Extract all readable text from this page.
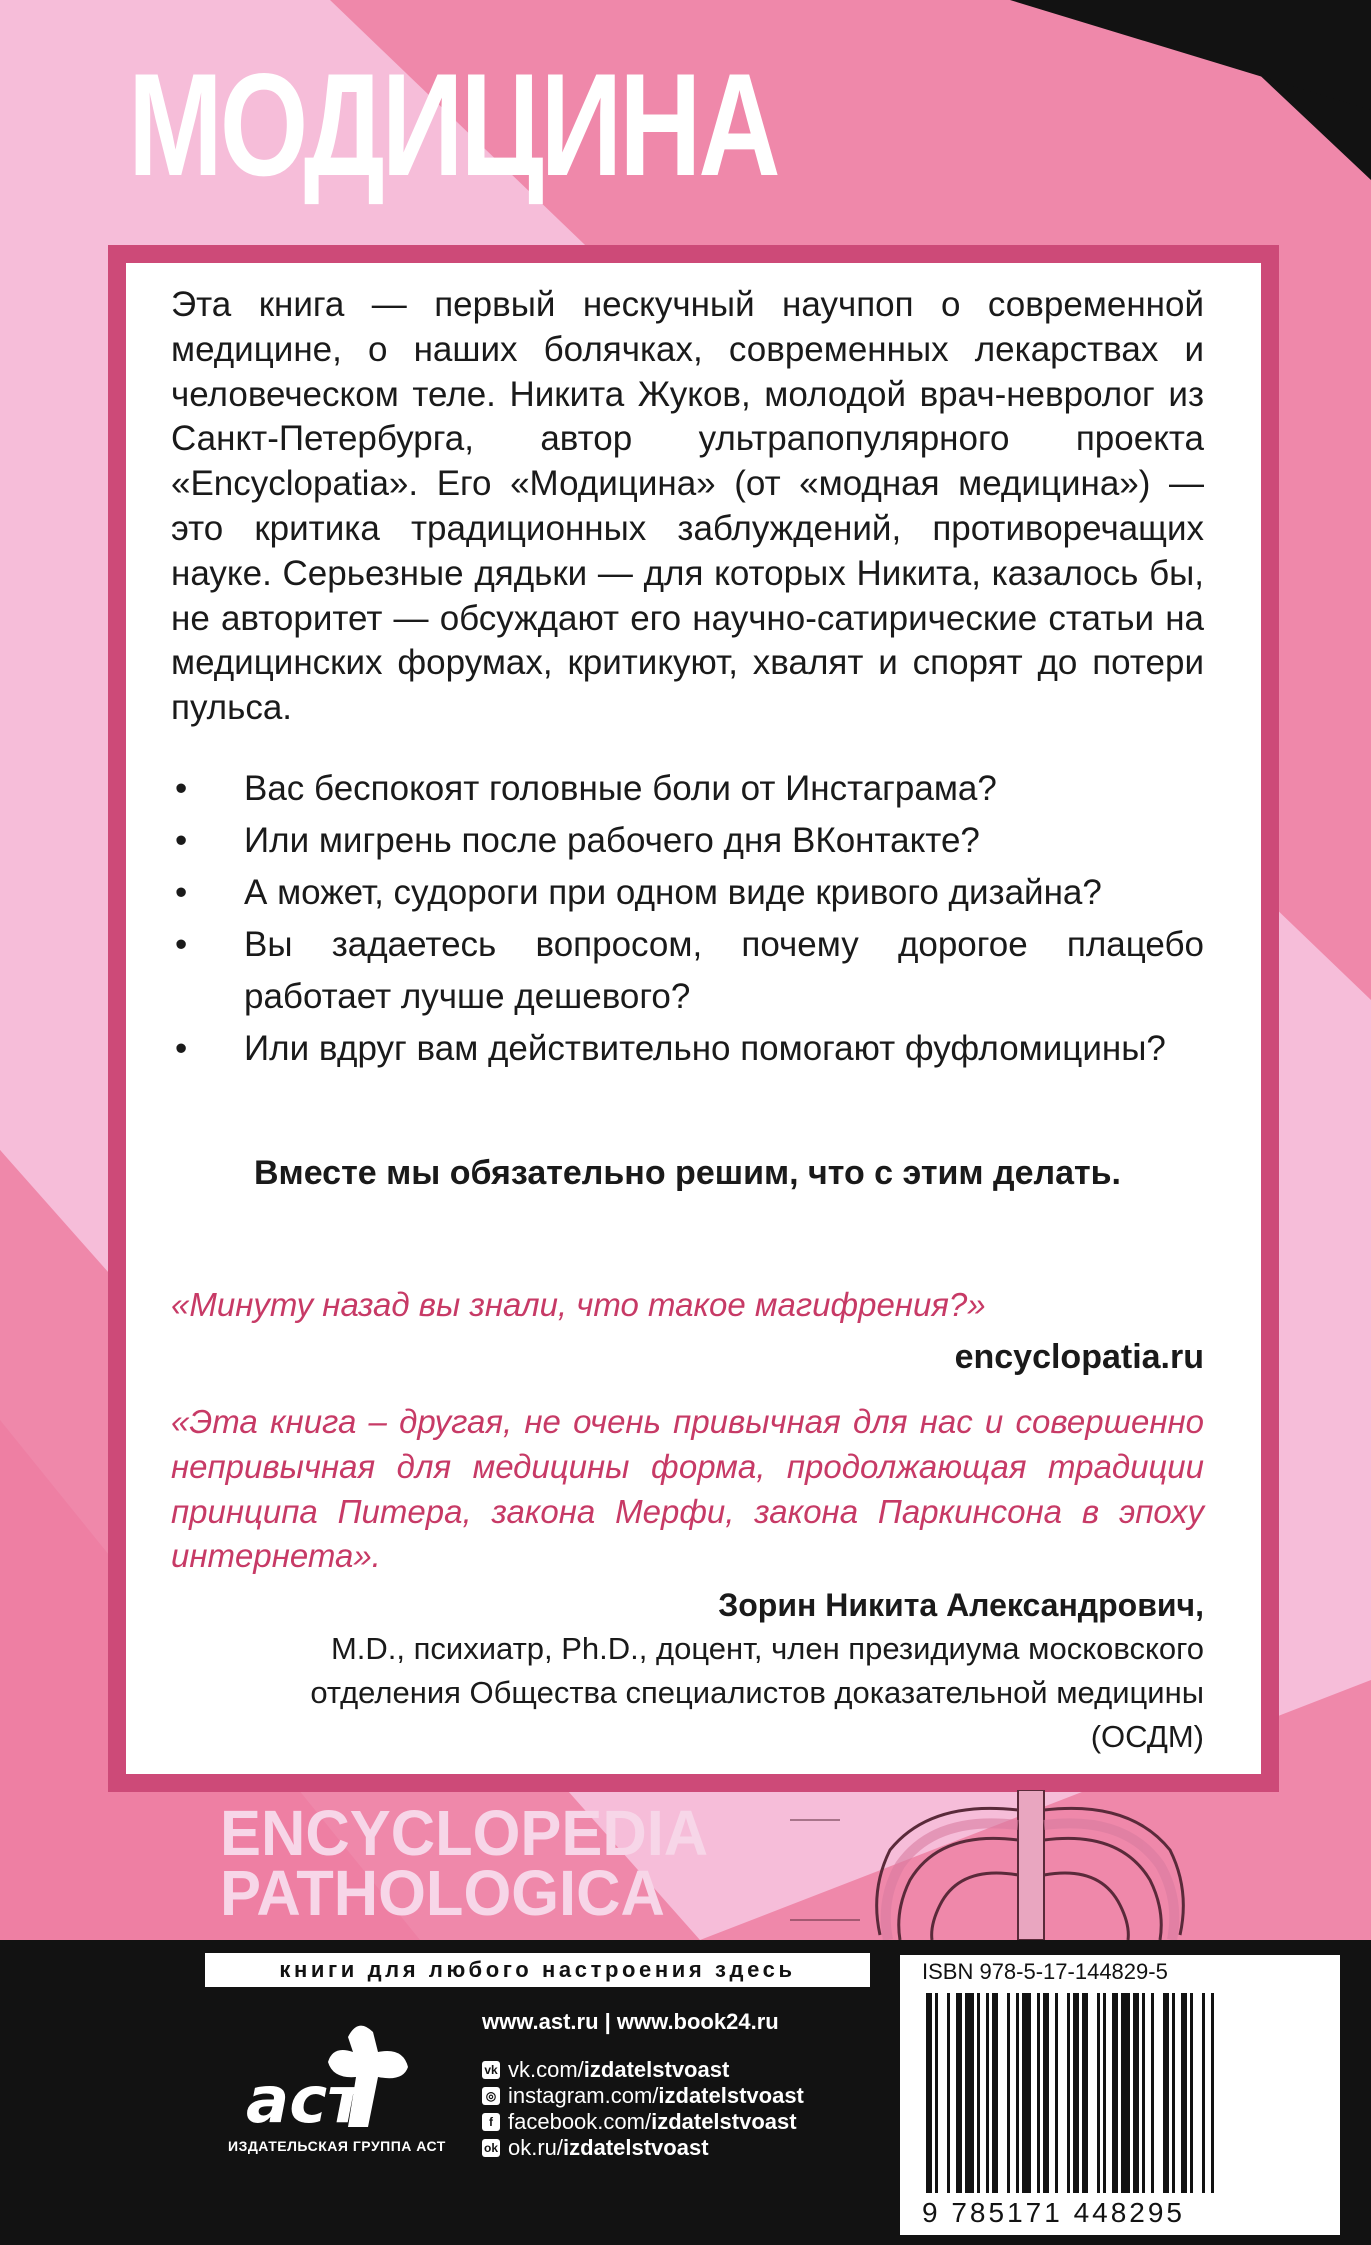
МОДИЦИНА

Эта книга — первый нескучный научпоп о современной медицине, о наших болячках, современных лекарствах и человеческом теле. Никита Жуков, молодой врач-невролог из Санкт-Петербурга, автор ультрапопулярного проекта «Encyclopatia». Его «Модицина» (от «модная медицина») — это критика традиционных заблуждений, противоречащих науке. Серьезные дядьки — для которых Никита, казалось бы, не авторитет — обсуждают его научно-сатирические статьи на медицинских форумах, критикуют, хвалят и спорят до потери пульса.

• Вас беспокоят головные боли от Инстаграма?
• Или мигрень после рабочего дня ВКонтакте?
• А может, судороги при одном виде кривого дизайна?
• Вы задаетесь вопросом, почему дорогое плацебо работает лучше дешевого?
• Или вдруг вам действительно помогают фуфломицины?
Вместе мы обязательно решим, что с этим делать.
«Минуту назад вы знали, что такое магифрения?»
encyclopatia.ru
«Эта книга – другая, не очень привычная для нас и совершенно непривычная для медицины форма, продолжающая традиции принципа Питера, закона Мерфи, закона Паркинсона в эпоху интернета».
Зорин Никита Александрович,
M.D., психиатр, Ph.D., доцент, член президиума московского
отделения Общества специалистов доказательной медицины
(ОСДМ)
ENCYCLOPEDIA
PATHOLOGICA
книги для любого настроения здесь
аст
ИЗДАТЕЛЬСКАЯ ГРУППА АСТ
www.ast.ru | www.book24.ru
vk vk.com/ izdatelstvoast
◎ instagram.com/ izdatelstvoast
f facebook.com/ izdatelstvoast
ok ok.ru/ izdatelstvoast
ISBN 978-5-17-144829-5
9 785171 448295
